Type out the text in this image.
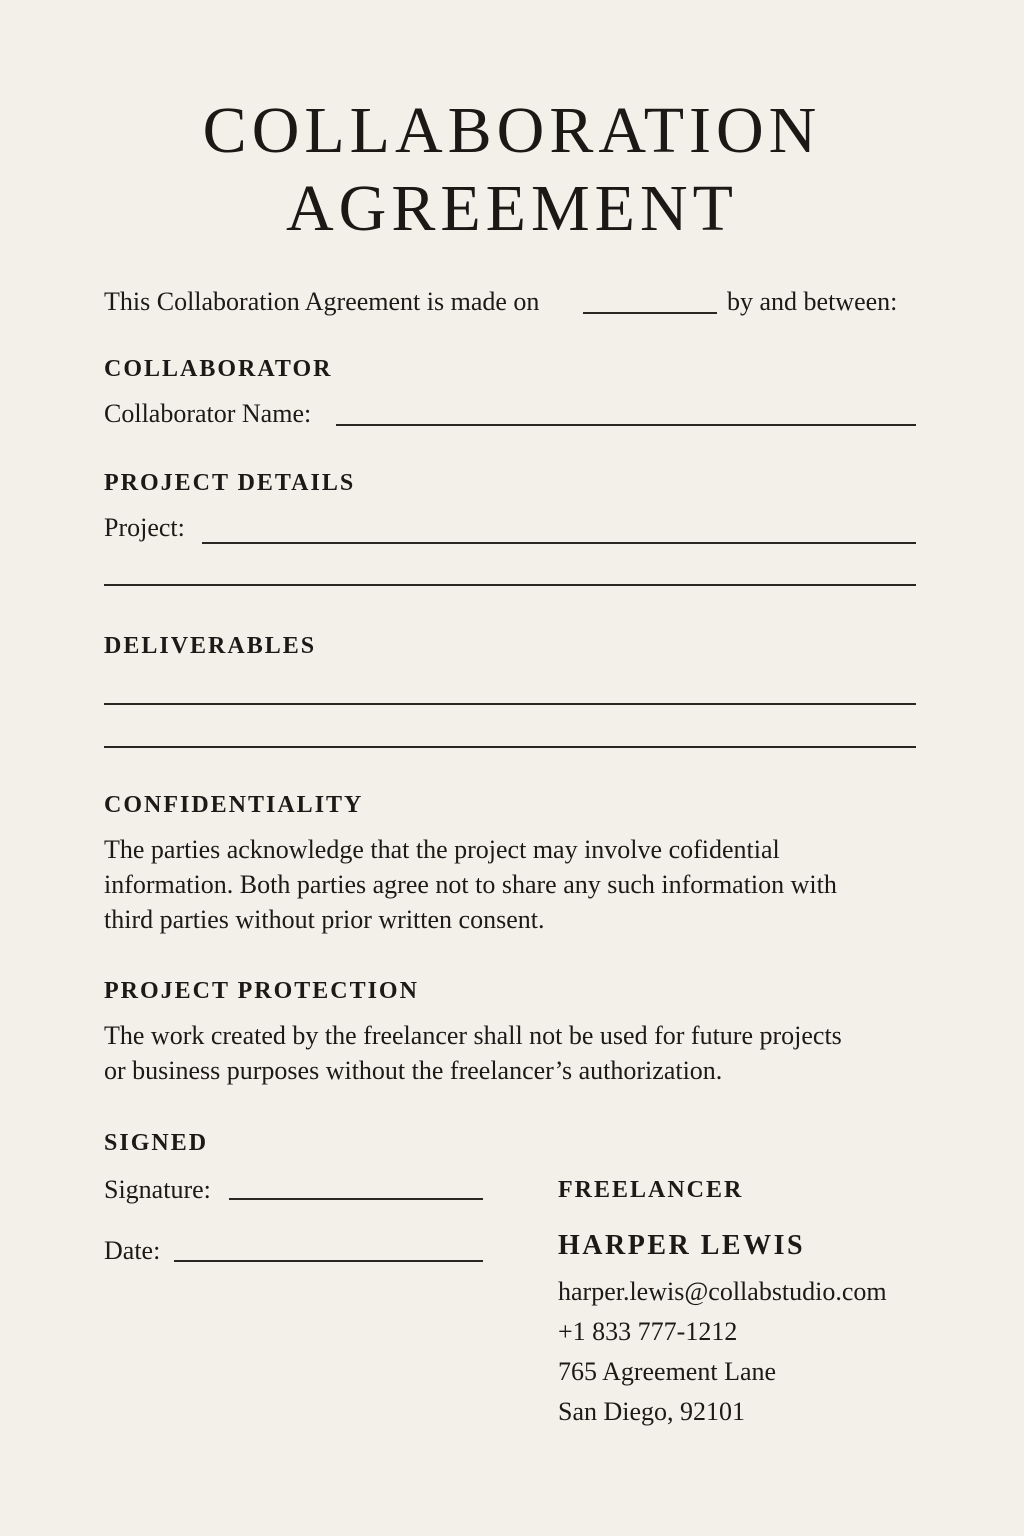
COLLABORATION
AGREEMENT

This Collaboration Agreement is made on	by and between:

COLLABORATOR

Collaborator Name:

PROJECT DETAILS

Project:

DELIVERABLES
CONFIDENTIALITY
The parties acknowledge that the project may involve cofidential
information. Both parties agree not to share any such information with
third parties without prior written consent.
PROJECT PROTECTION
The work created by the freelancer shall not be used for future projects
or business purposes without the freelancer’s authorization.
SIGNED

Signature:

Date:

FREELANCER
HARPER LEWIS
harper.lewis@collabstudio.com
+1 833 777-1212
765 Agreement Lane
San Diego, 92101
